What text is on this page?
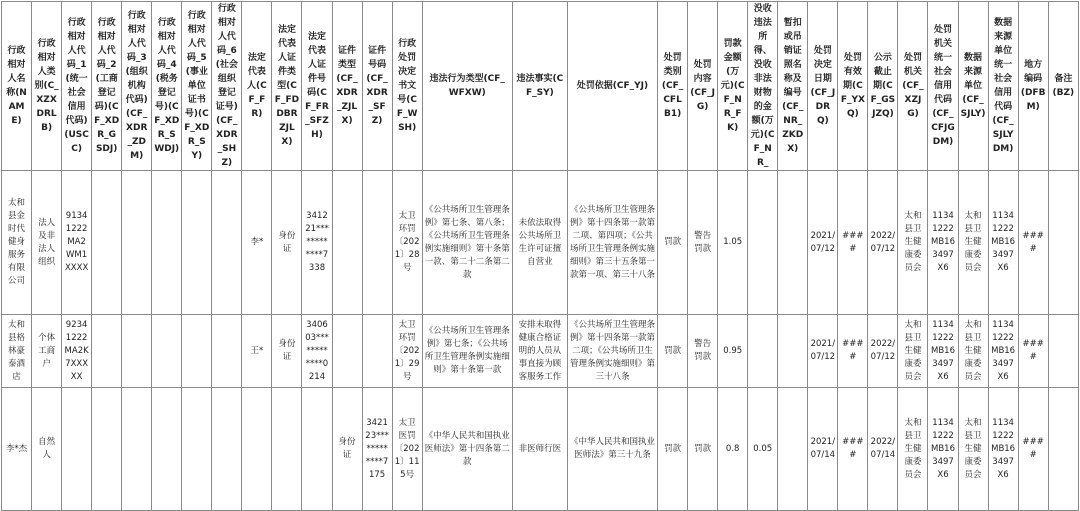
行政相对人名称(NAME)	行政相对人类别(C_XZXDRLB)	行政相对人代码_1(统一社会信用代码)(USCC)	行政相对人代码_2(工商登记码)(CF_XDR_GSDJ)	行政相对人代码_3(组织机构代码)(CF_XDR_ZDM)	行政相对人代码_4(税务登记号)(CF_XDR_SWDJ)	行政相对人代码_5(事业单位证书号)(CF_XDR_SY)	行政相对人代码_6(社会组织登记证号)(CF_XDR_SHZ)	法定代表人(CF_FR)	法定代表人证件类型(CF_FDDBRZJLX)	法定代表人证件号码(CF_FR_SFZH)	证件类型(CF_XDR_ZJLX)	证件号码(CF_XDR_SFZ)	行政处罚决定书文号(CF_WSH)	违法行为类型(CF_WFXW)	违法事实(CF_SY)	处罚依据(CF_YJ)	处罚类别(CF_CFLB1)	处罚内容(CF_JG)	罚款金额(万元)(CF_NR_FK)	没收违法所得、没收非法财物的金额(万元)(CF_NR_	暂扣或吊销证照名称及编号(CF_NR_ZKDX)	处罚决定日期(CF_JDRQ)	处罚有效期(CF_YXQ)	公示截止期(CF_GSJZQ)	处罚机关(CF_XZJG)	处罚机关统一社会信用代码(CF_CFJGDM)	数据来源单位(CF_SJLY)	数据来源单位统一社会信用代码(CF_SJLYDM)	地方编码(DFBM)	备注(BZ)
太和县金时代健身服务有限公司	法人及非法人组织	91341222MA2WM1XXXX						李*	身份证	341221************7338			太卫环罚〔2021〕28号	《公共场所卫生管理条例》第七条、第八条；《公共场所卫生管理条例实施细则》第十条第一款、第二十二条第二款	未依法取得公共场所卫生许可证擅自营业	《公共场所卫生管理条例》第十四条第一款第二项、第四项；《公共场所卫生管理条例实施细则》第三十五条第一款第一项、第三十八条	罚款	警告罚款	1.05			2021/07/12	####	2022/07/12	太和县卫生健康委员会	11341222MB163497X6	太和县卫生健康委员会	11341222MB163497X6	####	
太和县格林豪泰酒店	个体工商户	92341222MA2K7XXXXX						王*	身份证	340603************0214			太卫环罚〔2021〕29号	《公共场所卫生管理条例》第七条；《公共场所卫生管理条例实施细则》第十条第一款	安排未取得健康合格证明的人员从事直接为顾客服务工作	《公共场所卫生管理条例》第十四条第一款第二项；《公共场所卫生管理条例实施细则》第三十八条	罚款	警告罚款	0.95			2021/07/12	####	2022/07/12	太和县卫生健康委员会	11341222MB163497X6	太和县卫生健康委员会	11341222MB163497X6	####	
李*杰	自然人										身份证	342123************7175	太卫医罚〔2021〕115号	《中华人民共和国执业医师法》第十四条第二款	非医师行医	《中华人民共和国执业医师法》第三十九条	罚款	罚款	0.8	0.05		2021/07/14	####	2022/07/14	太和县卫生健康委员会	11341222MB163497X6	太和县卫生健康委员会	11341222MB163497X6	####	
